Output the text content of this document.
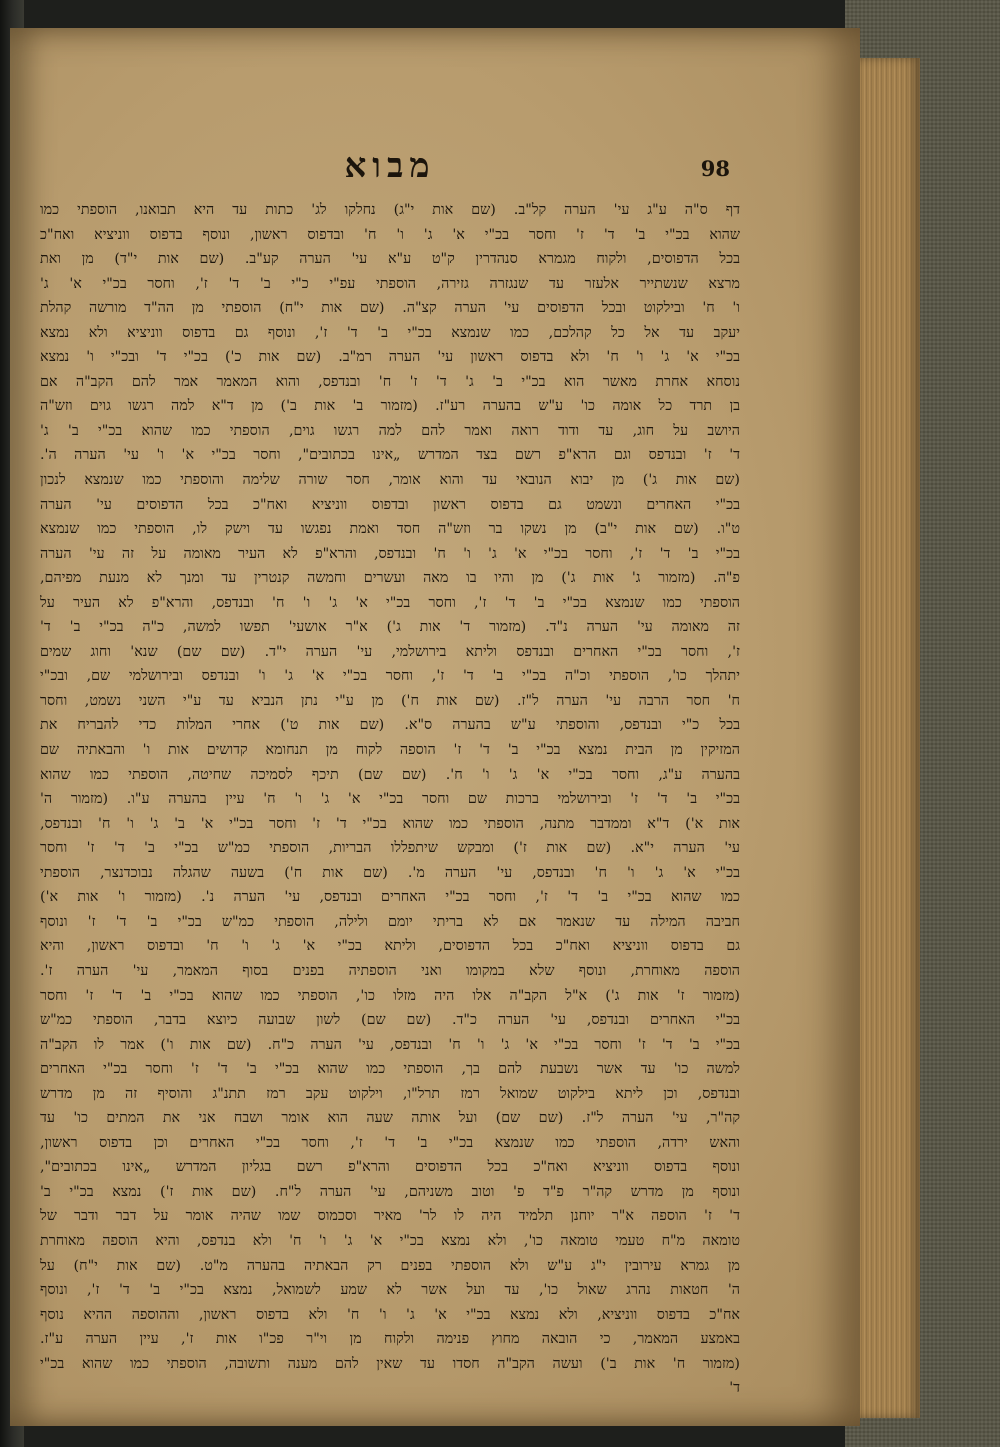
98
מבוא
דף ס"ה ע"ג עי' הערה קל"ב. (שם אות י"ג) נחלקו לג' כתות עד היא תבואנו, הוספתי כמו
שהוא בכ"י ב' ד' ז' וחסר בכ"י א' ג' ו' ח' ובדפוס ראשון, ונוסף בדפוס ווניציא ואח"כ
בכל הדפוסים, ולקוח מגמרא סנהדרין ק"ט ע"א עי' הערה קע"ב. (שם אות י"ד) מן ואת
מרצא שנשתייר אלעזר עד שנגזרה גזירה, הוספתי עפ"י כ"י ב' ד' ז', וחסר בכ"י א' ג'
ו' ח' ובילקוט ובכל הדפוסים עי' הערה קצ"ה. (שם אות י"ח) הוספתי מן הה"ד מורשה קהלת
יעקב עד אל כל קהלכם, כמו שנמצא בכ"י ב' ד' ז', ונוסף גם בדפוס ווניציא ולא נמצא
בכ"י א' ג' ו' ח' ולא בדפוס ראשון עי' הערה רמ"ב. (שם אות כ') בכ"י ד' ובכ"י ו' נמצא
נוסחא אחרת מאשר הוא בכ"י ב' ג' ד' ז' ח' ובנדפס, והוא המאמר אמר להם הקב"ה אם
בן תרד כל אומה כו' ע"ש בהערה רע"ז. (מזמור ב' אות ב') מן ד"א למה רגשו גוים וזש"ה
היושב על חוג, עד ודוד רואה ואמר להם למה רגשו גוים, הוספתי כמו שהוא בכ"י ב' ג'
ד' ז' ובנדפס וגם הרא"פ רשם בצד המדרש „אינו בכתובים", וחסר בכ"י א' ו' עי' הערה ה'.
(שם אות ג') מן יבוא הנובאי עד והוא אומר, חסר שורה שלימה והוספתי כמו שנמצא לנכון
בכ"י האחרים ונשמט גם בדפוס ראשון ובדפוס ווניציא ואח"כ בכל הדפוסים עי' הערה
ט"ו. (שם אות י"ב) מן נשקו בר וזש"ה חסד ואמת נפגשו עד וישק לו, הוספתי כמו שנמצא
בכ"י ב' ד' ז', וחסר בכ"י א' ג' ו' ח' ובנדפס, והרא"פ לא העיר מאומה על זה עי' הערה
פ"ה. (מזמור ג' אות ג') מן והיו בו מאה ועשרים וחמשה קנטרין עד ומנך לא מנעת מפיהם,
הוספתי כמו שנמצא בכ"י ב' ד' ז', וחסר בכ"י א' ג' ו' ח' ובנדפס, והרא"פ לא העיר על
זה מאומה עי' הערה נ"ד. (מזמור ד' אות ג') א"ר אושעי' תפשו למשה, כ"ה בכ"י ב' ד'
ז', וחסר בכ"י האחרים ובנדפס וליתא בירושלמי, עי' הערה י"ד. (שם שם) שנא' וחוג שמים
יתהלך כו', הוספתי וכ"ה בכ"י ב' ד' ז', וחסר בכ"י א' ג' ו' ובנדפס ובירושלמי שם, ובכ"י
ח' חסר הרבה עי' הערה ל"ז. (שם אות ח') מן ע"י נתן הנביא עד ע"י השני נשמט, וחסר
בכל כ"י ובנדפס, והוספתי ע"ש בהערה ס"א. (שם אות ט') אחרי המלות כדי להבריח את
המזיקין מן הבית נמצא בכ"י ב' ד' ז' הוספה לקוח מן תנחומא קדושים אות ו' והבאתיה שם
בהערה ע"ג, וחסר בכ"י א' ג' ו' ח'. (שם שם) תיכף לסמיכה שחיטה, הוספתי כמו שהוא
בכ"י ב' ד' ז' ובירושלמי ברכות שם וחסר בכ"י א' ג' ו' ח' עיין בהערה ע"ו. (מזמור ה'
אות א') ד"א וממדבר מתנה, הוספתי כמו שהוא בכ"י ד' ז' וחסר בכ"י א' ב' ג' ו' ח' ובנדפס,
עי' הערה י"א. (שם אות ז') ומבקש שיתפללו הבריות, הוספתי כמ"ש בכ"י ב' ד' ז' וחסר
בכ"י א' ג' ו' ח' ובנדפס, עי' הערה מ'. (שם אות ח') בשעה שהגלה נבוכדנצר, הוספתי
כמו שהוא בכ"י ב' ד' ז', וחסר בכ"י האחרים ובנדפס, עי' הערה נ'. (מזמור ו' אות א')
חביבה המילה עד שנאמר אם לא בריתי יומם ולילה, הוספתי כמ"ש בכ"י ב' ד' ז' ונוסף
גם בדפוס ווניציא ואח"כ בכל הדפוסים, וליתא בכ"י א' ג' ו' ח' ובדפוס ראשון, והיא
הוספה מאוחרת, ונוסף שלא במקומו ואני הוספתיה בפנים בסוף המאמר, עי' הערה ז'.
(מזמור ז' אות ג') א"ל הקב"ה אלו היה מזלו כו', הוספתי כמו שהוא בכ"י ב' ד' ז' וחסר
בכ"י האחרים ובנדפס, עי' הערה כ"ד. (שם שם) לשון שבועה כיוצא בדבר, הוספתי כמ"ש
בכ"י ב' ד' ז' וחסר בכ"י א' ג' ו' ח' ובנדפס, עי' הערה כ"ח. (שם אות ו') אמר לו הקב"ה
למשה כו' עד אשר נשבעת להם בך, הוספתי כמו שהוא בכ"י ב' ד' ז' וחסר בכ"י האחרים
ובנדפס, וכן ליתא בילקוט שמואל רמז תרל"ו, וילקוט עקב רמז תתנ"ג והוסיף זה מן מדרש
קה"ר, עי' הערה ל"ז. (שם שם) ועל אותה שעה הוא אומר ושבח אני את המתים כו' עד
והאש ירדה, הוספתי כמו שנמצא בכ"י ב' ד' ז', וחסר בכ"י האחרים וכן בדפוס ראשון,
ונוסף בדפוס ווניציא ואח"כ בכל הדפוסים והרא"פ רשם בגליון המדרש „אינו בכתובים",
ונוסף מן מדרש קה"ר פ"ד פ' וטוב משניהם, עי' הערה ל"ח. (שם אות ז') נמצא בכ"י ב'
ד' ז' הוספה א"ר יוחנן תלמיד היה לו לר' מאיר וסכמוס שמו שהיה אומר על דבר ודבר של
טומאה מ"ח טעמי טומאה כו', ולא נמצא בכ"י א' ג' ו' ח' ולא בנדפס, והיא הוספה מאוחרת
מן גמרא עירובין י"ג ע"ש ולא הוספתי בפנים רק הבאתיה בהערה מ"ט. (שם אות י"ח) על
ה' חטאות נהרג שאול כו', עד ועל אשר לא שמע לשמואל, נמצא בכ"י ב' ד' ז', ונוסף
אח"כ בדפוס ווניציא, ולא נמצא בכ"י א' ג' ו' ח' ולא בדפוס ראשון, וההוספה ההיא נוסף
באמצע המאמר, כי הובאה מחוץ פנימה ולקוח מן וי"ר פכ"ו אות ז', עיין הערה ע"ז.
(מזמור ח' אות ב') ועשה הקב"ה חסדו עד שאין להם מענה ותשובה, הוספתי כמו שהוא בכ"י
ד'
